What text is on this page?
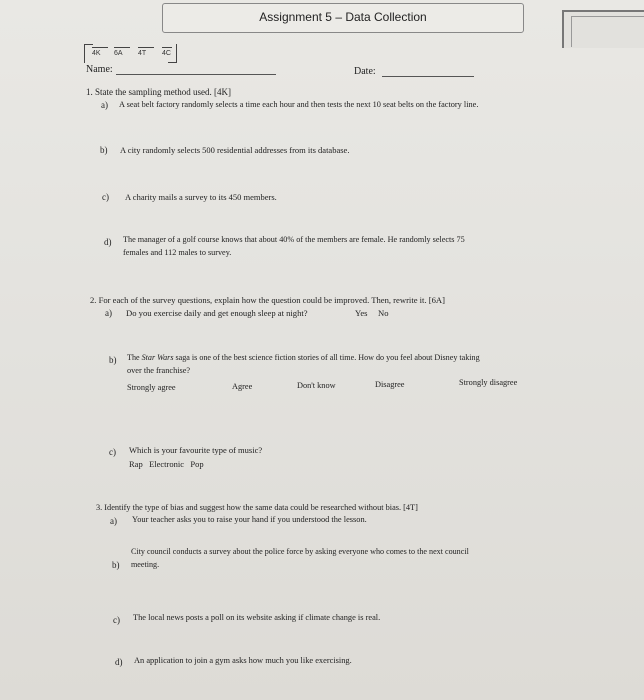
Assignment 5 – Data Collection
4K	6A	4T	4C
Name:	Date:
1. State the sampling method used. [4K]
a) A seat belt factory randomly selects a time each hour and then tests the next 10 seat belts on the factory line.
b) A city randomly selects 500 residential addresses from its database.
c) A charity mails a survey to its 450 members.
d) The manager of a golf course knows that about 40% of the members are female. He randomly selects 75
females and 112 males to survey.
2. For each of the survey questions, explain how the question could be improved. Then, rewrite it. [6A]
a) Do you exercise daily and get enough sleep at night?	Yes No
b) The Star Wars saga is one of the best science fiction stories of all time. How do you feel about Disney taking
over the franchise?
Strongly agree	Agree	Don't know	Disagree	Strongly disagree
c) Which is your favourite type of music?
Rap   Electronic   Pop
3. Identify the type of bias and suggest how the same data could be researched without bias. [4T]
a) Your teacher asks you to raise your hand if you understood the lesson.
b)
City council conducts a survey about the police force by asking everyone who comes to the next council
meeting.
c) The local news posts a poll on its website asking if climate change is real.
d) An application to join a gym asks how much you like exercising.
